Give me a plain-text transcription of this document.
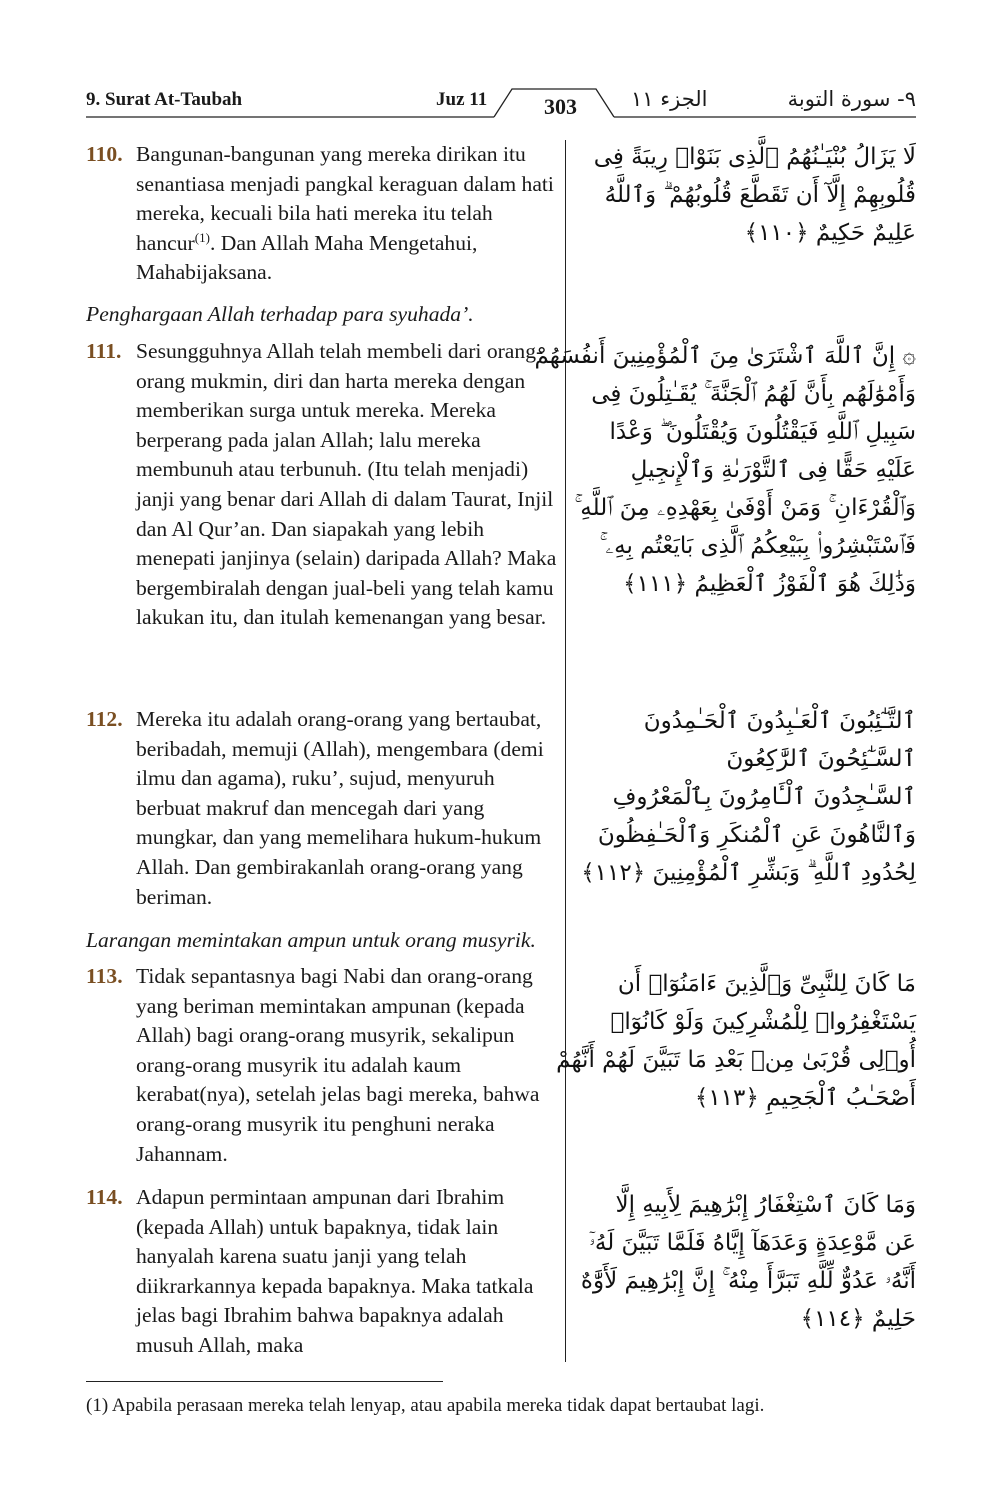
9. Surat At-Taubah	Juz 11	303	الجزء ١١	٩- سورة التوبة
110. Bangunan-bangunan yang mereka dirikan itu senantiasa menjadi pangkal keraguan dalam hati mereka, kecuali bila hati mereka itu telah hancur$^{(1)}$. Dan Allah Maha Mengetahui, Mahabijaksana.
Penghargaan Allah terhadap para syuhada’.
111. Sesungguhnya Allah telah membeli dari orang-orang mukmin, diri dan harta mereka dengan memberikan surga untuk mereka. Mereka berperang pada jalan Allah; lalu mereka membunuh atau terbunuh. (Itu telah menjadi) janji yang benar dari Allah di dalam Taurat, Injil dan Al Qur’an. Dan siapakah yang lebih menepati janjinya (selain) daripada Allah? Maka bergembiralah dengan jual-beli yang telah kamu lakukan itu, dan itulah kemenangan yang besar.
112. Mereka itu adalah orang-orang yang bertaubat, beribadah, memuji (Allah), mengembara (demi ilmu dan agama), ruku’, sujud, menyuruh berbuat makruf dan mencegah dari yang mungkar, dan yang memelihara hukum-hukum Allah. Dan gembirakanlah orang-orang yang beriman.
Larangan memintakan ampun untuk orang musyrik.
113. Tidak sepantasnya bagi Nabi dan orang-orang yang beriman memintakan ampunan (kepada Allah) bagi orang-orang musyrik, sekalipun orang-orang musyrik itu adalah kaum kerabat(nya), setelah jelas bagi mereka, bahwa orang-orang musyrik itu penghuni neraka Jahannam.
114. Adapun permintaan ampunan dari Ibrahim (kepada Allah) untuk bapaknya, tidak lain hanyalah karena suatu janji yang telah diikrarkannya kepada bapaknya. Maka tatkala jelas bagi Ibrahim bahwa bapaknya adalah musuh Allah, maka
لَا يَزَالُ بُنْيَـٰنُهُمُ ٱلَّذِى بَنَوْا۟ رِيبَةً فِى
قُلُوبِهِمْ إِلَّآ أَن تَقَطَّعَ قُلُوبُهُمْ ۗ وَٱللَّهُ
عَلِيمٌ حَكِيمٌ ﴿١١٠﴾
۞ إِنَّ ٱللَّهَ ٱشْتَرَىٰ مِنَ ٱلْمُؤْمِنِينَ أَنفُسَهُمْ
وَأَمْوَٰلَهُم بِأَنَّ لَهُمُ ٱلْجَنَّةَ ۚ يُقَـٰتِلُونَ فِى
سَبِيلِ ٱللَّهِ فَيَقْتُلُونَ وَيُقْتَلُونَ ۖ وَعْدًا
عَلَيْهِ حَقًّا فِى ٱلتَّوْرَىٰةِ وَٱلْإِنجِيلِ
وَٱلْقُرْءَانِ ۚ وَمَنْ أَوْفَىٰ بِعَهْدِهِۦ مِنَ ٱللَّهِ ۚ
فَٱسْتَبْشِرُوا۟ بِبَيْعِكُمُ ٱلَّذِى بَايَعْتُم بِهِۦ ۚ
وَذَٰلِكَ هُوَ ٱلْفَوْزُ ٱلْعَظِيمُ ﴿١١١﴾
ٱلتَّـٰٓئِبُونَ ٱلْعَـٰبِدُونَ ٱلْحَـٰمِدُونَ
ٱلسَّـٰٓئِحُونَ ٱلرَّٰكِعُونَ
ٱلسَّـٰجِدُونَ ٱلْـَٔامِرُونَ بِٱلْمَعْرُوفِ
وَٱلنَّاهُونَ عَنِ ٱلْمُنكَرِ وَٱلْحَـٰفِظُونَ
لِحُدُودِ ٱللَّهِ ۗ وَبَشِّرِ ٱلْمُؤْمِنِينَ ﴿١١٢﴾
مَا كَانَ لِلنَّبِىِّ وَٱلَّذِينَ ءَامَنُوٓا۟ أَن
يَسْتَغْفِرُوا۟ لِلْمُشْرِكِينَ وَلَوْ كَانُوٓا۟
أُو۟لِى قُرْبَىٰ مِنۢ بَعْدِ مَا تَبَيَّنَ لَهُمْ أَنَّهُمْ
أَصْحَـٰبُ ٱلْجَحِيمِ ﴿١١٣﴾
وَمَا كَانَ ٱسْتِغْفَارُ إِبْرَٰهِيمَ لِأَبِيهِ إِلَّا
عَن مَّوْعِدَةٍ وَعَدَهَآ إِيَّاهُ فَلَمَّا تَبَيَّنَ لَهُۥٓ
أَنَّهُۥ عَدُوٌّ لِّلَّهِ تَبَرَّأَ مِنْهُ ۚ إِنَّ إِبْرَٰهِيمَ لَأَوَّٰهٌ
حَلِيمٌ ﴿١١٤﴾
(1) Apabila perasaan mereka telah lenyap, atau apabila mereka tidak dapat bertaubat lagi.
